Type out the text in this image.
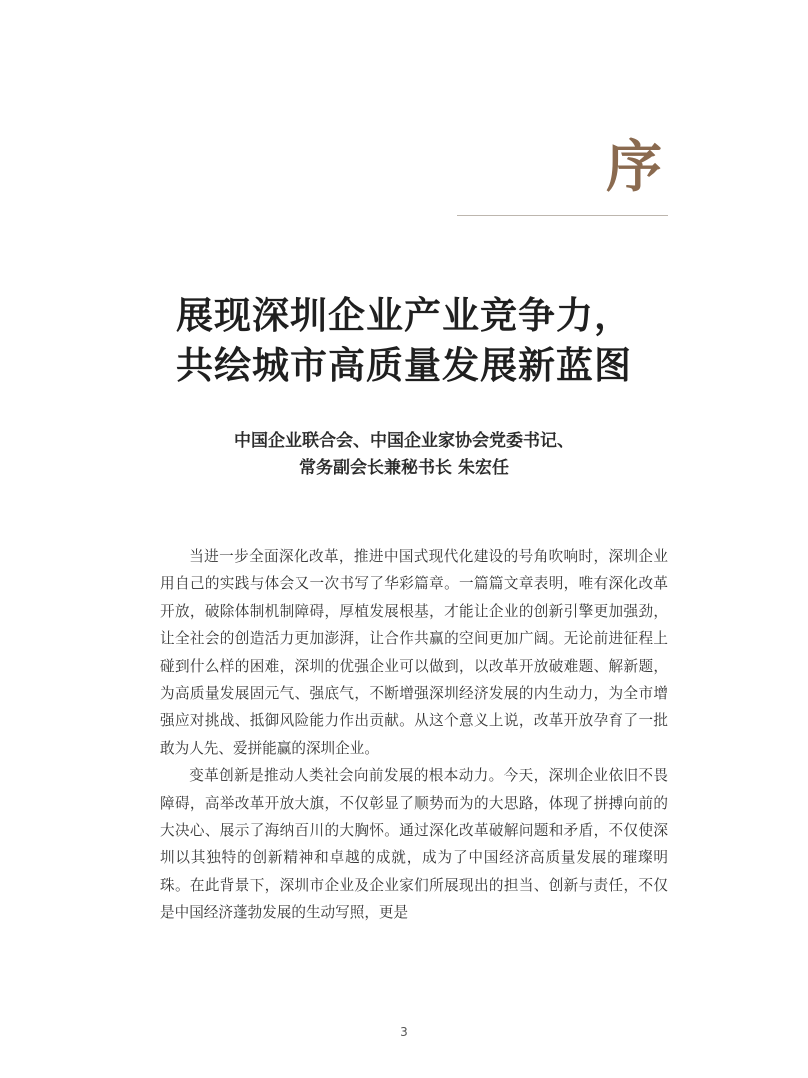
序
展现深圳企业产业竞争力，
共绘城市高质量发展新蓝图
中国企业联合会、中国企业家协会党委书记、
常务副会长兼秘书长 朱宏任

当进一步全面深化改革，推进中国式现代化建设的号角吹响时，深圳企业用自己的实践与体会又一次书写了华彩篇章。一篇篇文章表明，唯有深化改革开放，破除体制机制障碍，厚植发展根基，才能让企业的创新引擎更加强劲，让全社会的创造活力更加澎湃，让合作共赢的空间更加广阔。无论前进征程上碰到什么样的困难，深圳的优强企业可以做到，以改革开放破难题、解新题，为高质量发展固元气、强底气，不断增强深圳经济发展的内生动力，为全市增强应对挑战、抵御风险能力作出贡献。从这个意义上说，改革开放孕育了一批敢为人先、爱拼能赢的深圳企业。

变革创新是推动人类社会向前发展的根本动力。今天，深圳企业依旧不畏障碍，高举改革开放大旗，不仅彰显了顺势而为的大思路，体现了拼搏向前的大决心、展示了海纳百川的大胸怀。通过深化改革破解问题和矛盾，不仅使深圳以其独特的创新精神和卓越的成就，成为了中国经济高质量发展的璀璨明珠。在此背景下，深圳市企业及企业家们所展现出的担当、创新与责任，不仅是中国经济蓬勃发展的生动写照，更是

3
